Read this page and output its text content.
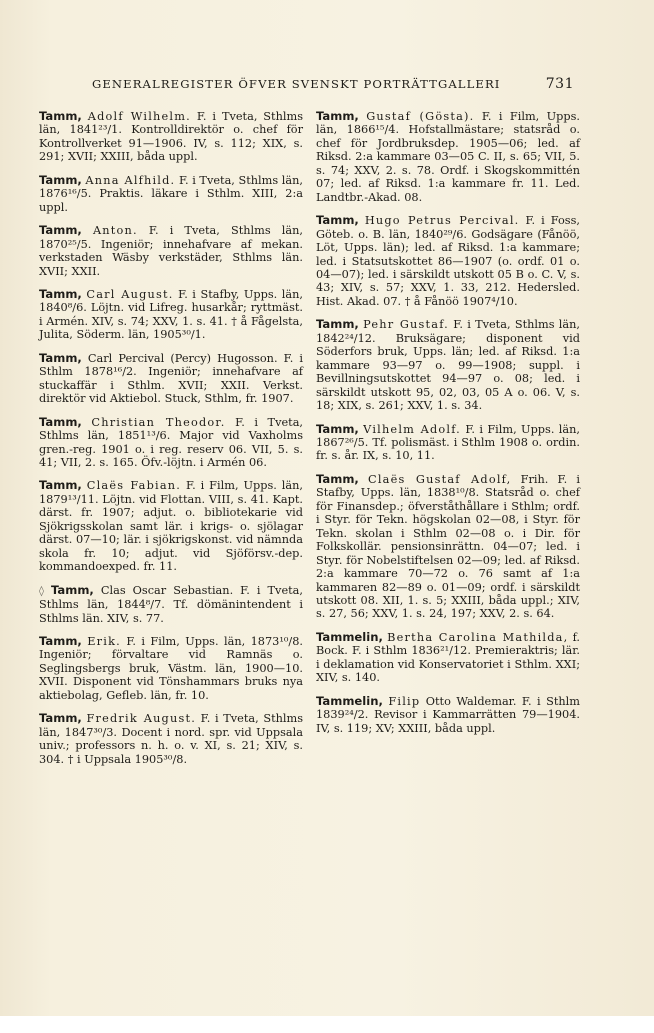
GENERALREGISTER ÖFVER SVENSKT PORTRÄTTGALLERI	731

Tamm, Adolf Wilhelm. F. i Tveta, Sthlms län, 1841²³/1. Kontrolldirektör o. chef för Kontrollverket 91—1906. IV, s. 112; XIX, s. 291; XVII; XXIII, båda uppl.

Tamm, Anna Alfhild. F. i Tveta, Sthlms län, 1876¹⁶/5. Praktis. läkare i Sthlm. XIII, 2:a uppl.

Tamm, Anton. F. i Tveta, Sthlms län, 1870²⁵/5. Ingeniör; innehafvare af mekan. verkstaden Wäsby verkstäder, Sthlms län. XVII; XXII.

Tamm, Carl August. F. i Stafby, Upps. län, 1840⁸/6. Löjtn. vid Lifreg. husarkår; ryttmäst. i Armén. XIV, s. 74; XXV, 1. s. 41. † å Fågelsta, Julita, Söderm. län, 1905³⁰/1.

Tamm, Carl Percival (Percy) Hugosson. F. i Sthlm 1878¹⁶/2. Ingeniör; innehafvare af stuckaffär i Sthlm. XVII; XXII. Verkst. direktör vid Aktiebol. Stuck, Sthlm, fr. 1907.

Tamm, Christian Theodor. F. i Tveta, Sthlms län, 1851¹³/6. Major vid Vaxholms gren.-reg. 1901 o. i reg. reserv 06. VII, 5. s. 41; VII, 2. s. 165. Öfv.-löjtn. i Armén 06.

Tamm, Claës Fabian. F. i Film, Upps. län, 1879¹³/11. Löjtn. vid Flottan. VIII, s. 41. Kapt. därst. fr. 1907; adjut. o. bibliotekarie vid Sjökrigsskolan samt lär. i krigs- o. sjölagar därst. 07—10; lär. i sjökrigskonst. vid nämnda skola fr. 10; adjut. vid Sjöförsv.-dep. kommandoexped. fr. 11.

◊ Tamm, Clas Oscar Sebastian. F. i Tveta, Sthlms län, 1844⁸/7. Tf. dömänintendent i Sthlms län. XIV, s. 77.

Tamm, Erik. F. i Film, Upps. län, 1873¹⁰/8. Ingeniör; förvaltare vid Ramnäs o. Seglingsbergs bruk, Västm. län, 1900—10. XVII. Disponent vid Tönshammars bruks nya aktiebolag, Gefleb. län, fr. 10.

Tamm, Fredrik August. F. i Tveta, Sthlms län, 1847³⁰/3. Docent i nord. spr. vid Uppsala univ.; professors n. h. o. v. XI, s. 21; XIV, s. 304. † i Uppsala 1905³⁰/8.

Tamm, Gustaf (Gösta). F. i Film, Upps. län, 1866¹⁵/4. Hofstallmästare; statsråd o. chef för Jordbruksdep. 1905—06; led. af Riksd. 2:a kammare 03—05 C. II, s. 65; VII, 5. s. 74; XXV, 2. s. 78. Ordf. i Skogskommittén 07; led. af Riksd. 1:a kammare fr. 11. Led. Landtbr.-Akad. 08.

Tamm, Hugo Petrus Percival. F. i Foss, Göteb. o. B. län, 1840²⁹/6. Godsägare (Fånöö, Löt, Upps. län); led. af Riksd. 1:a kammare; led. i Statsutskottet 86—1907 (o. ordf. 01 o. 04—07); led. i särskildt utskott 05 B o. C. V, s. 43; XIV, s. 57; XXV, 1. 33, 212. Hedersled. Hist. Akad. 07. † å Fånöö 1907⁴/10.

Tamm, Pehr Gustaf. F. i Tveta, Sthlms län, 1842²⁴/12. Bruksägare; disponent vid Söderfors bruk, Upps. län; led. af Riksd. 1:a kammare 93—97 o. 99—1908; suppl. i Bevillningsutskottet 94—97 o. 08; led. i särskildt utskott 95, 02, 03, 05 A o. 06. V, s. 18; XIX, s. 261; XXV, 1. s. 34.

Tamm, Vilhelm Adolf. F. i Film, Upps. län, 1867²⁶/5. Tf. polismäst. i Sthlm 1908 o. ordin. fr. s. år. IX, s. 10, 11.

Tamm, Claës Gustaf Adolf, Frih. F. i Stafby, Upps. län, 1838¹⁰/8. Statsråd o. chef för Finansdep.; öfverståthållare i Sthlm; ordf. i Styr. för Tekn. högskolan 02—08, i Styr. för Tekn. skolan i Sthlm 02—08 o. i Dir. för Folkskollär. pensionsinrättn. 04—07; led. i Styr. för Nobelstiftelsen 02—09; led. af Riksd. 2:a kammare 70—72 o. 76 samt af 1:a kammaren 82—89 o. 01—09; ordf. i särskildt utskott 08. XII, 1. s. 5; XXIII, båda uppl.; XIV, s. 27, 56; XXV, 1. s. 24, 197; XXV, 2. s. 64.

Tammelin, Bertha Carolina Mathilda, f. Bock. F. i Sthlm 1836²¹/12. Premieraktris; lär. i deklamation vid Konservatoriet i Sthlm. XXI; XIV, s. 140.

Tammelin, Filip Otto Waldemar. F. i Sthlm 1839²⁴/2. Revisor i Kammarrätten 79—1904. IV, s. 119; XV; XXIII, båda uppl.
